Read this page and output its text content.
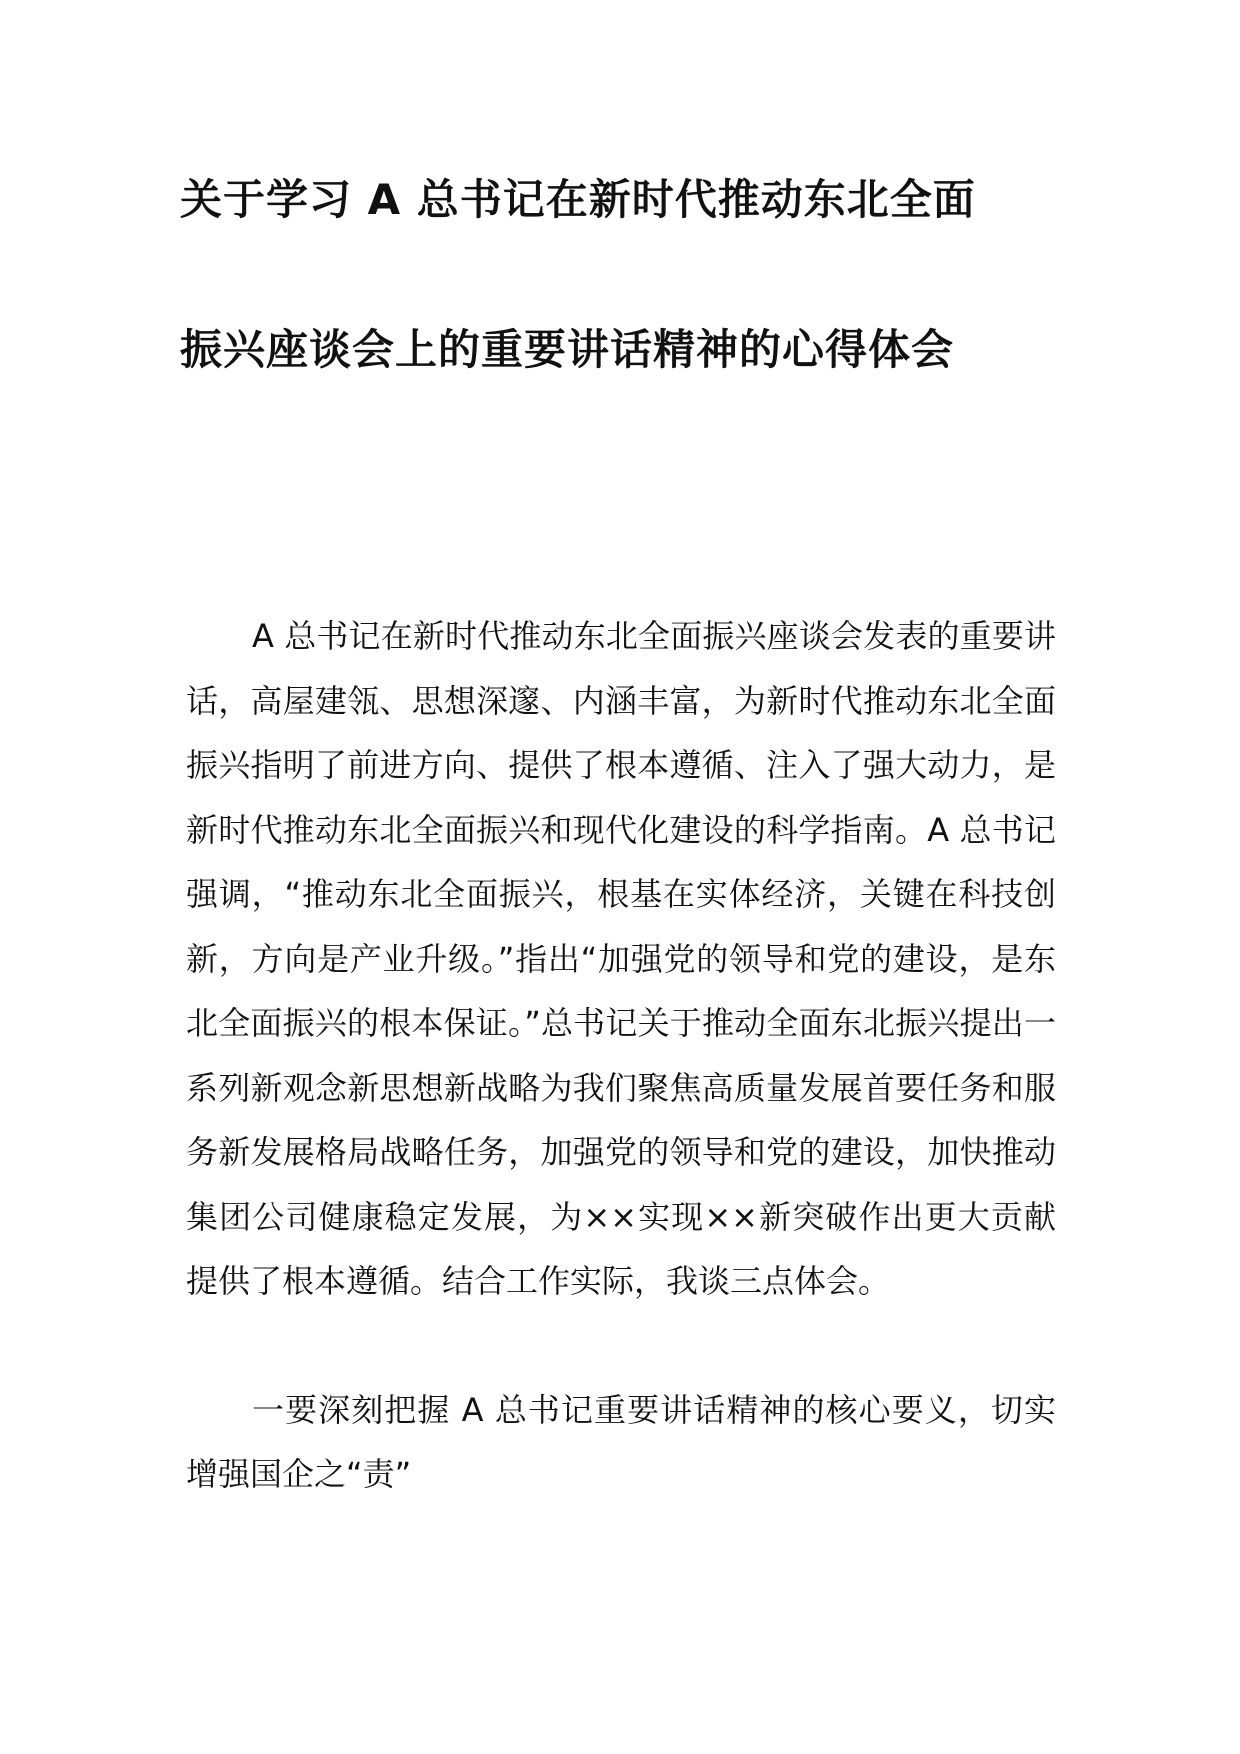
关于学习 A 总书记在新时代推动东北全面
振兴座谈会上的重要讲话精神的心得体会

A 总书记在新时代推动东北全面振兴座谈会发表的重要讲话，高屋建瓴、思想深邃、内涵丰富，为新时代推动东北全面振兴指明了前进方向、提供了根本遵循、注入了强大动力，是新时代推动东北全面振兴和现代化建设的科学指南。A 总书记强调，“推动东北全面振兴，根基在实体经济，关键在科技创新，方向是产业升级。”指出“加强党的领导和党的建设，是东北全面振兴的根本保证。”总书记关于推动全面东北振兴提出一系列新观念新思想新战略为我们聚焦高质量发展首要任务和服务新发展格局战略任务，加强党的领导和党的建设，加快推动集团公司健康稳定发展，为××实现××新突破作出更大贡献提供了根本遵循。结合工作实际，我谈三点体会。

一要深刻把握 A 总书记重要讲话精神的核心要义，切实增强国企之“责”
